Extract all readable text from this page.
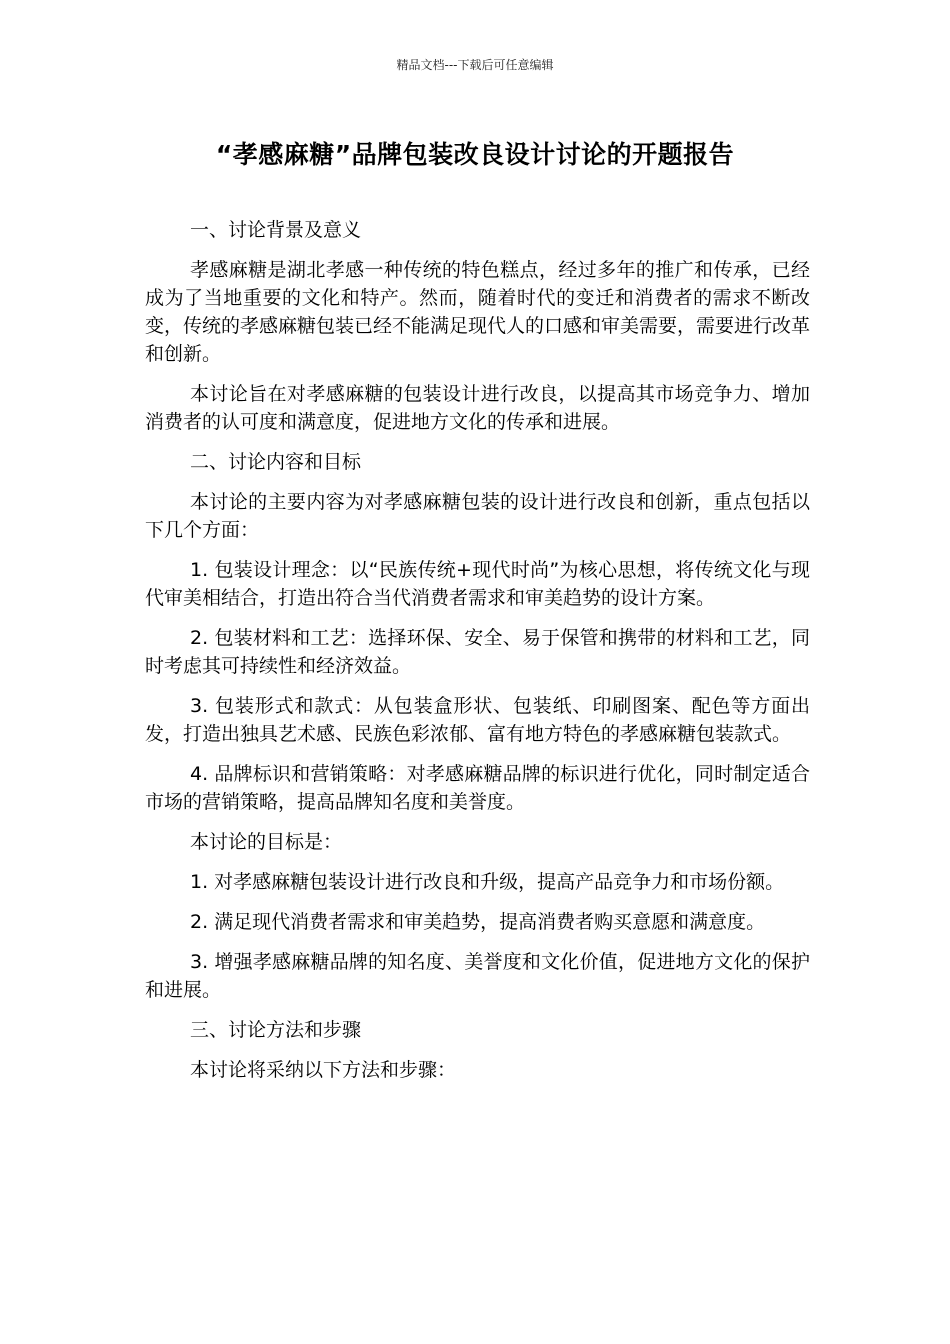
精品文档---下载后可任意编辑
“孝感麻糖”品牌包装改良设计讨论的开题报告

一、讨论背景及意义

孝感麻糖是湖北孝感一种传统的特色糕点，经过多年的推广和传承，已经成为了当地重要的文化和特产。然而，随着时代的变迁和消费者的需求不断改变，传统的孝感麻糖包装已经不能满足现代人的口感和审美需要，需要进行改革和创新。

本讨论旨在对孝感麻糖的包装设计进行改良，以提高其市场竞争力、增加消费者的认可度和满意度，促进地方文化的传承和进展。

二、讨论内容和目标

本讨论的主要内容为对孝感麻糖包装的设计进行改良和创新，重点包括以下几个方面：

1. 包装设计理念：以“民族传统+现代时尚”为核心思想，将传统文化与现代审美相结合，打造出符合当代消费者需求和审美趋势的设计方案。

2. 包装材料和工艺：选择环保、安全、易于保管和携带的材料和工艺，同时考虑其可持续性和经济效益。

3. 包装形式和款式：从包装盒形状、包装纸、印刷图案、配色等方面出发，打造出独具艺术感、民族色彩浓郁、富有地方特色的孝感麻糖包装款式。

4. 品牌标识和营销策略：对孝感麻糖品牌的标识进行优化，同时制定适合市场的营销策略，提高品牌知名度和美誉度。

本讨论的目标是：

1. 对孝感麻糖包装设计进行改良和升级，提高产品竞争力和市场份额。

2. 满足现代消费者需求和审美趋势，提高消费者购买意愿和满意度。

3. 增强孝感麻糖品牌的知名度、美誉度和文化价值，促进地方文化的保护和进展。

三、讨论方法和步骤

本讨论将采纳以下方法和步骤：
